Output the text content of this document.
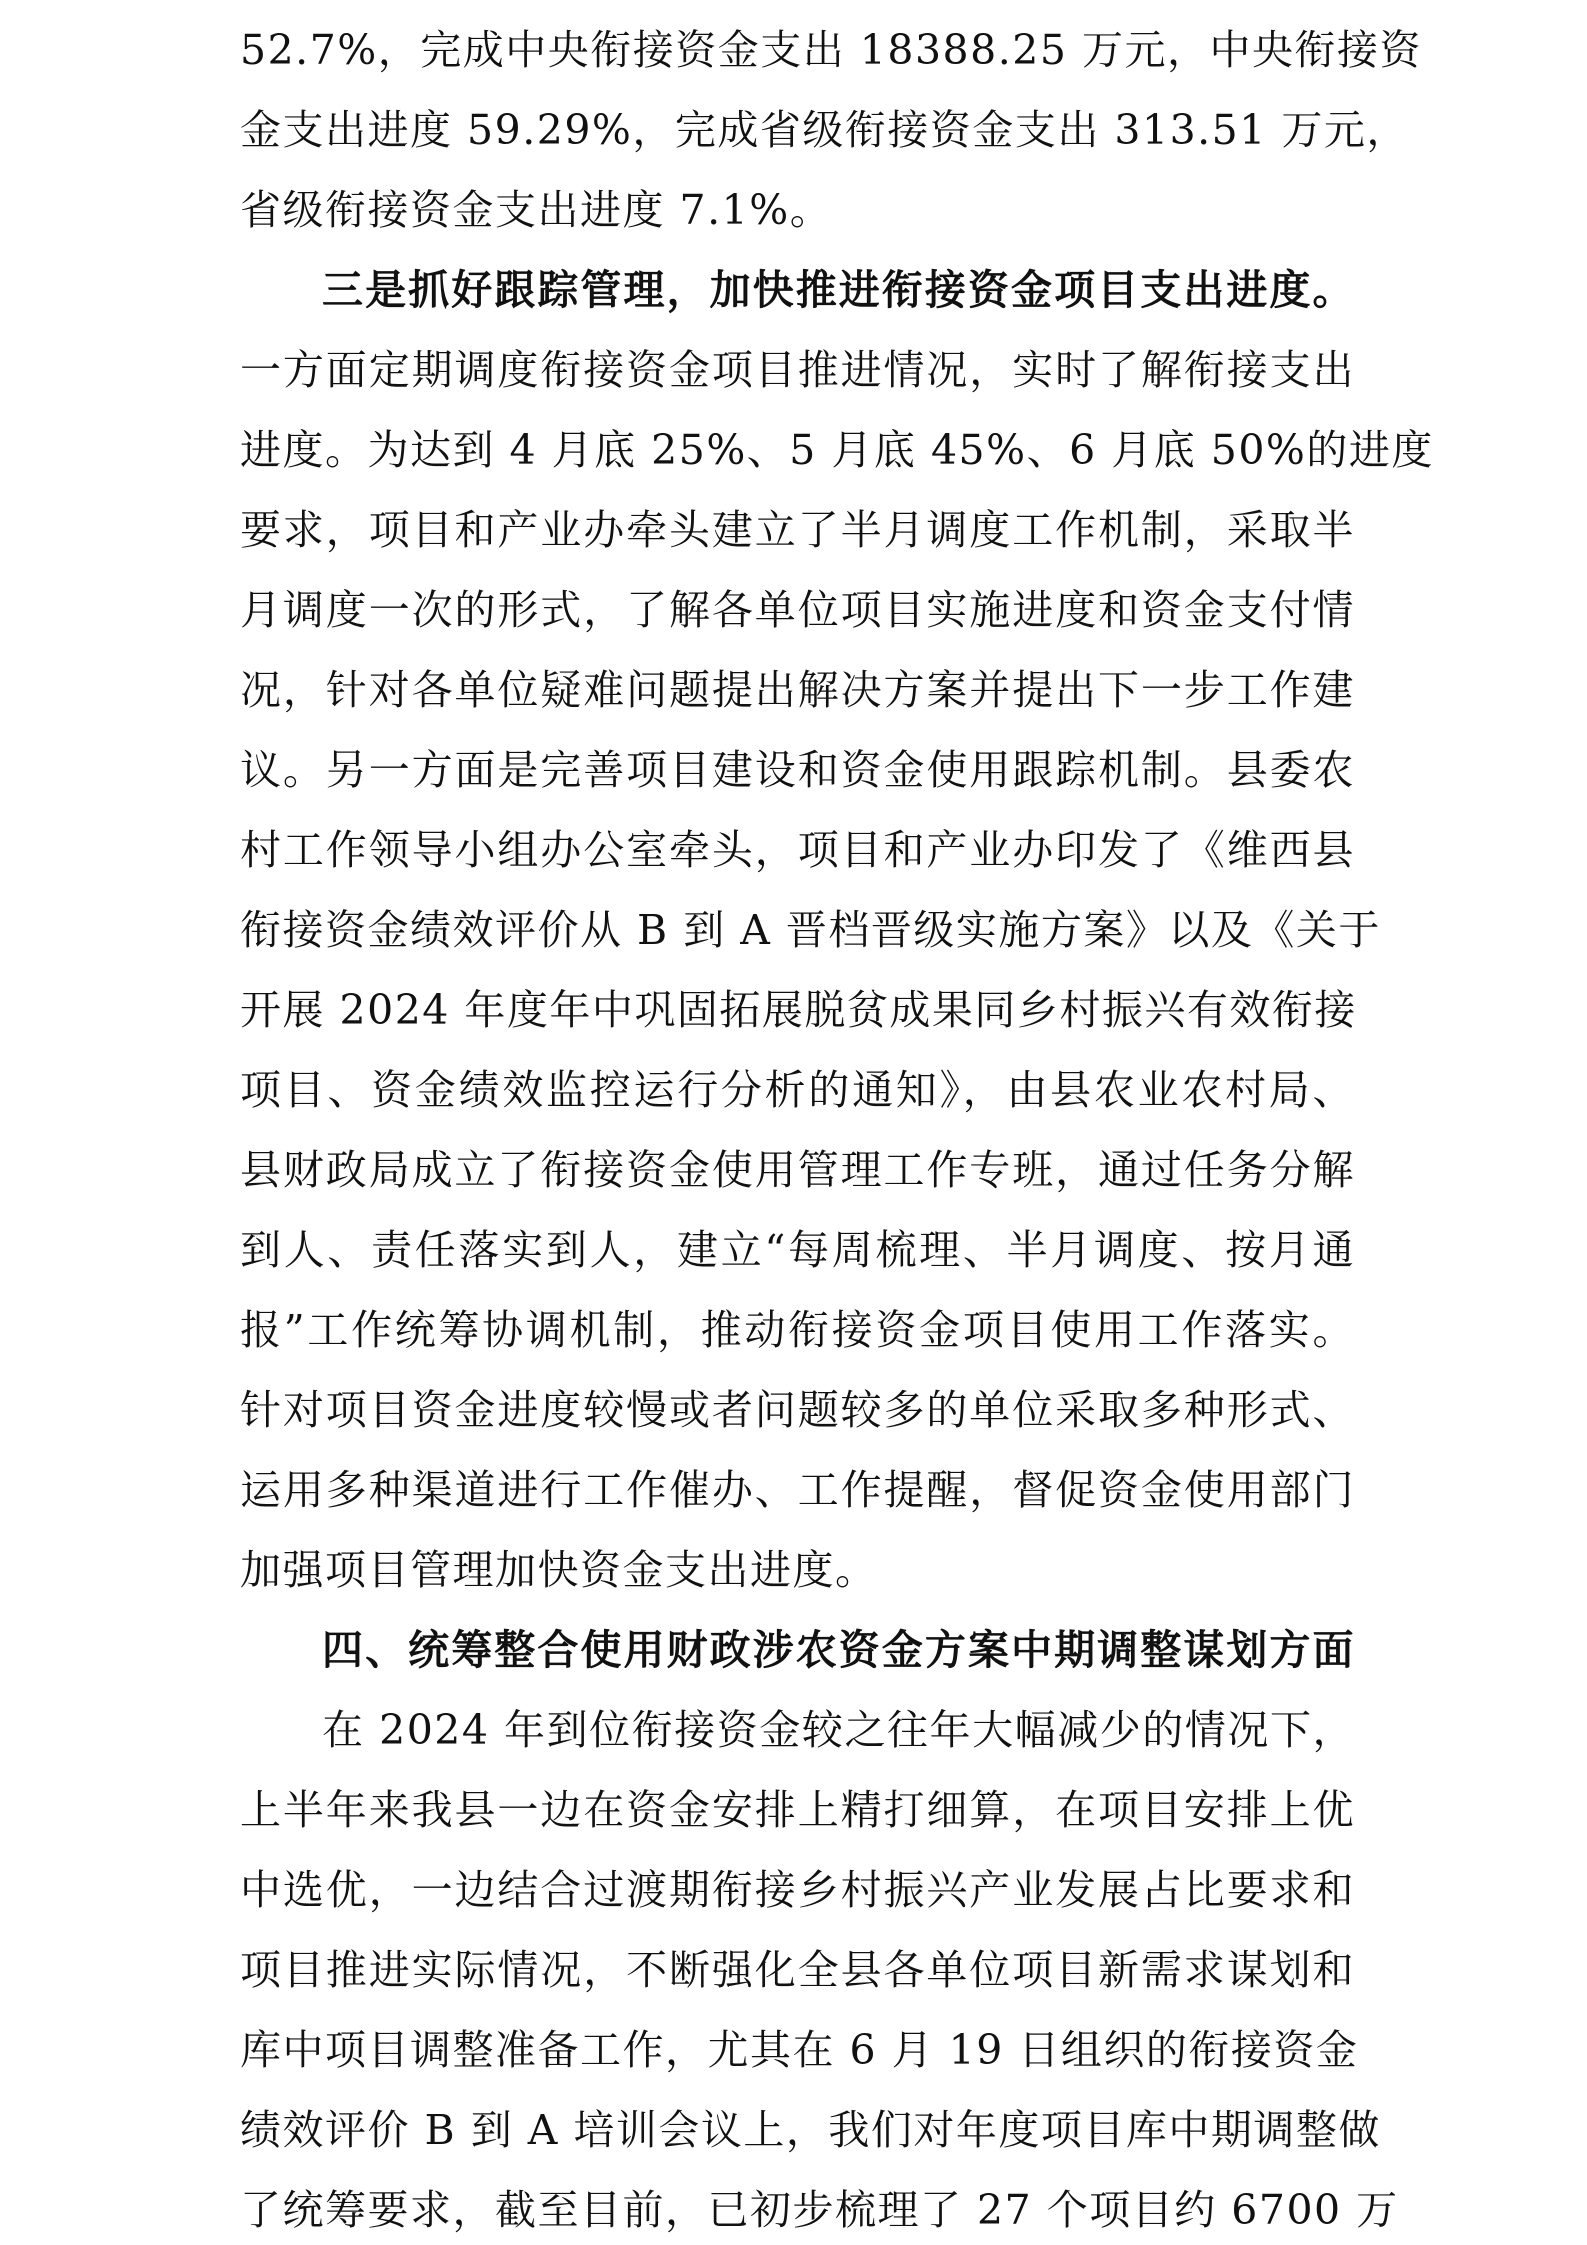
52.7%，完成中央衔接资金支出 18388.25 万元，中央衔接资
金支出进度 59.29%，完成省级衔接资金支出 313.51 万元，
省级衔接资金支出进度 7.1%。
三是抓好跟踪管理，加快推进衔接资金项目支出进度。
一方面定期调度衔接资金项目推进情况，实时了解衔接支出
进度。为达到 4 月底 25%、5 月底 45%、6 月底 50%的进度
要求，项目和产业办牵头建立了半月调度工作机制，采取半
月调度一次的形式，了解各单位项目实施进度和资金支付情
况，针对各单位疑难问题提出解决方案并提出下一步工作建
议。另一方面是完善项目建设和资金使用跟踪机制。县委农
村工作领导小组办公室牵头，项目和产业办印发了《维西县
衔接资金绩效评价从 B 到 A 晋档晋级实施方案》以及《关于
开展 2024 年度年中巩固拓展脱贫成果同乡村振兴有效衔接
项目、资金绩效监控运行分析的通知》，由县农业农村局、
县财政局成立了衔接资金使用管理工作专班，通过任务分解
到人、责任落实到人，建立“每周梳理、半月调度、按月通
报”工作统筹协调机制，推动衔接资金项目使用工作落实。
针对项目资金进度较慢或者问题较多的单位采取多种形式、
运用多种渠道进行工作催办、工作提醒，督促资金使用部门
加强项目管理加快资金支出进度。
四、统筹整合使用财政涉农资金方案中期调整谋划方面
在 2024 年到位衔接资金较之往年大幅减少的情况下，
上半年来我县一边在资金安排上精打细算，在项目安排上优
中选优，一边结合过渡期衔接乡村振兴产业发展占比要求和
项目推进实际情况，不断强化全县各单位项目新需求谋划和
库中项目调整准备工作，尤其在 6 月 19 日组织的衔接资金
绩效评价 B 到 A 培训会议上，我们对年度项目库中期调整做
了统筹要求，截至目前，已初步梳理了 27 个项目约 6700 万
